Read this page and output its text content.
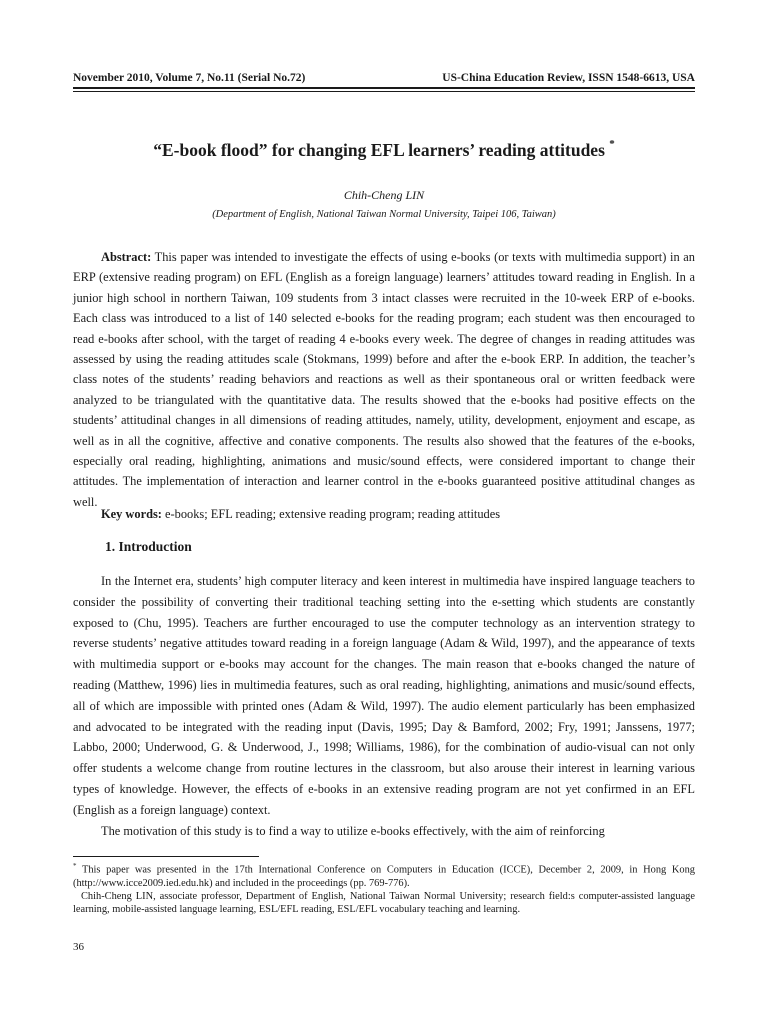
November 2010, Volume 7, No.11 (Serial No.72)	US-China Education Review, ISSN 1548-6613, USA
“E-book flood” for changing EFL learners’ reading attitudes *
Chih-Cheng LIN
(Department of English, National Taiwan Normal University, Taipei 106, Taiwan)

Abstract: This paper was intended to investigate the effects of using e-books (or texts with multimedia support) in an ERP (extensive reading program) on EFL (English as a foreign language) learners’ attitudes toward reading in English. In a junior high school in northern Taiwan, 109 students from 3 intact classes were recruited in the 10-week ERP of e-books. Each class was introduced to a list of 140 selected e-books for the reading program; each student was then encouraged to read e-books after school, with the target of reading 4 e-books every week. The degree of changes in reading attitudes was assessed by using the reading attitudes scale (Stokmans, 1999) before and after the e-book ERP. In addition, the teacher’s class notes of the students’ reading behaviors and reactions as well as their spontaneous oral or written feedback were analyzed to be triangulated with the quantitative data. The results showed that the e-books had positive effects on the students’ attitudinal changes in all dimensions of reading attitudes, namely, utility, development, enjoyment and escape, as well as in all the cognitive, affective and conative components. The results also showed that the features of the e-books, especially oral reading, highlighting, animations and music/sound effects, were considered important to change their attitudes. The implementation of interaction and learner control in the e-books guaranteed positive attitudinal changes as well.

Key words: e-books; EFL reading; extensive reading program; reading attitudes

1. Introduction

In the Internet era, students’ high computer literacy and keen interest in multimedia have inspired language teachers to consider the possibility of converting their traditional teaching setting into the e-setting which students are constantly exposed to (Chu, 1995). Teachers are further encouraged to use the computer technology as an intervention strategy to reverse students’ negative attitudes toward reading in a foreign language (Adam & Wild, 1997), and the appearance of texts with multimedia support or e-books may account for the changes. The main reason that e-books changed the nature of reading (Matthew, 1996) lies in multimedia features, such as oral reading, highlighting, animations and music/sound effects, all of which are impossible with printed ones (Adam & Wild, 1997). The audio element particularly has been emphasized and advocated to be integrated with the reading input (Davis, 1995; Day & Bamford, 2002; Fry, 1991; Janssens, 1977; Labbo, 2000; Underwood, G. & Underwood, J., 1998; Williams, 1986), for the combination of audio-visual can not only offer students a welcome change from routine lectures in the classroom, but also arouse their interest in learning various types of knowledge. However, the effects of e-books in an extensive reading program are not yet confirmed in an EFL (English as a foreign language) context.

The motivation of this study is to find a way to utilize e-books effectively, with the aim of reinforcing

* This paper was presented in the 17th International Conference on Computers in Education (ICCE), December 2, 2009, in Hong Kong (http://www.icce2009.ied.edu.hk) and included in the proceedings (pp. 769-776).

Chih-Cheng LIN, associate professor, Department of English, National Taiwan Normal University; research field:s computer-assisted language learning, mobile-assisted language learning, ESL/EFL reading, ESL/EFL vocabulary teaching and learning.

36
